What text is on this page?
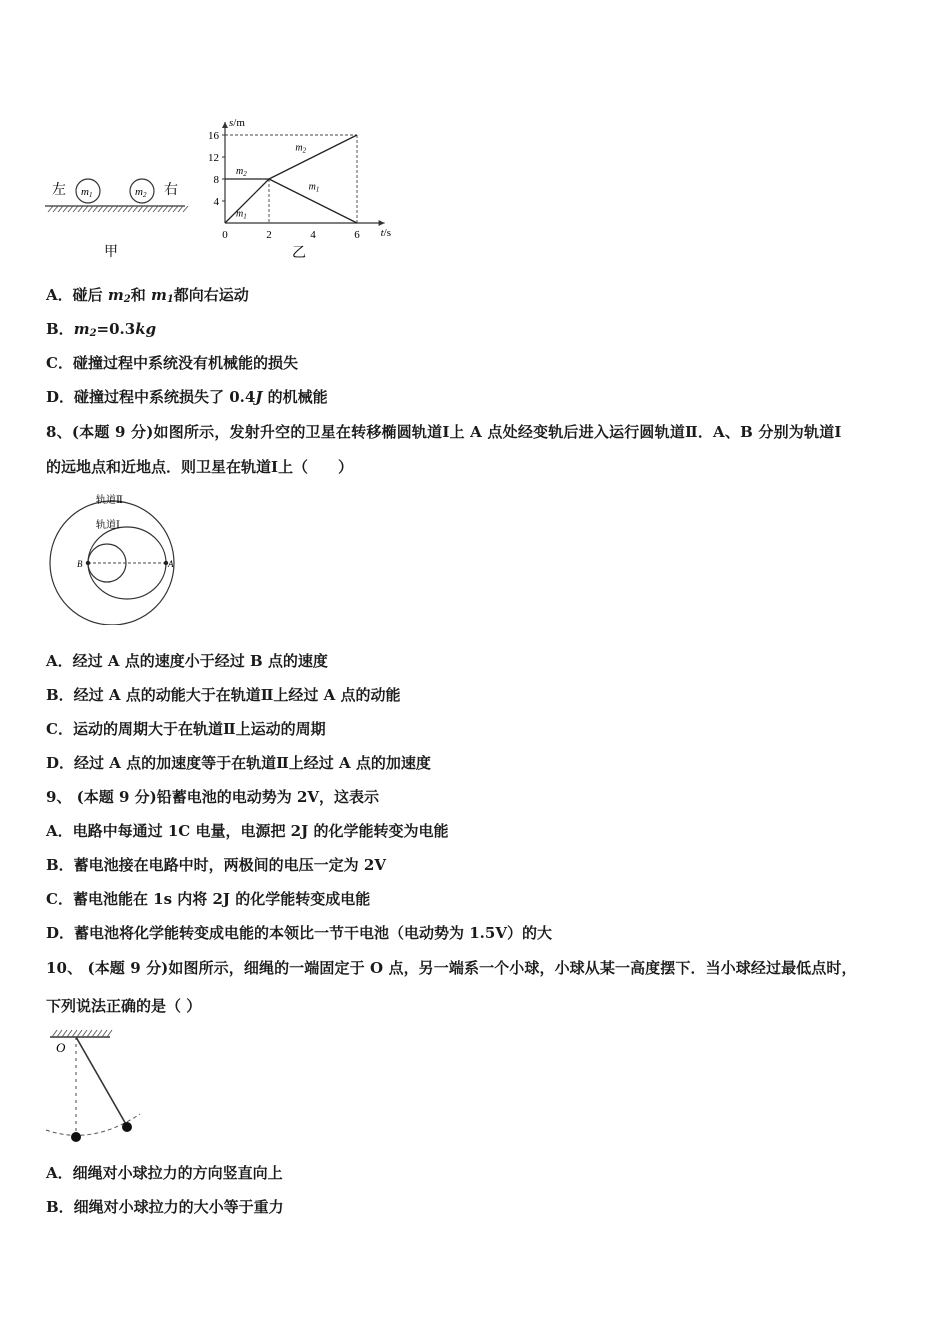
左 m1	m2 右
甲	乙
s/m
t/s
4
8
12
16
0	2	4	6
$m_1$
$m_2$
$m_2$
$m_1$
A．碰后 $m_2$和 $m_1$都向右运动
B．$m_2=0.3kg$
C．碰撞过程中系统没有机械能的损失
D．碰撞过程中系统损失了 0.4J 的机械能
8、(本题 9 分)如图所示，发射升空的卫星在转移椭圆轨道Ⅰ上 A 点处经变轨后进入运行圆轨道Ⅱ．A、B 分别为轨道Ⅰ
的远地点和近地点．则卫星在轨道Ⅰ上（　　）
B	A
轨道Ⅱ
轨道Ⅰ
A．经过 A 点的速度小于经过 B 点的速度
B．经过 A 点的动能大于在轨道Ⅱ上经过 A 点的动能
C．运动的周期大于在轨道Ⅱ上运动的周期
D．经过 A 点的加速度等于在轨道Ⅱ上经过 A 点的加速度
9、 (本题 9 分)铅蓄电池的电动势为 2V，这表示
A．电路中每通过 1C 电量，电源把 2J 的化学能转变为电能
B．蓄电池接在电路中时，两极间的电压一定为 2V
C．蓄电池能在 1s 内将 2J 的化学能转变成电能
D．蓄电池将化学能转变成电能的本领比一节干电池（电动势为 1.5V）的大
10、 (本题 9 分)如图所示，细绳的一端固定于 O 点，另一端系一个小球，小球从某一高度摆下．当小球经过最低点时，
下列说法正确的是（ ）
O
A．细绳对小球拉力的方向竖直向上
B．细绳对小球拉力的大小等于重力
